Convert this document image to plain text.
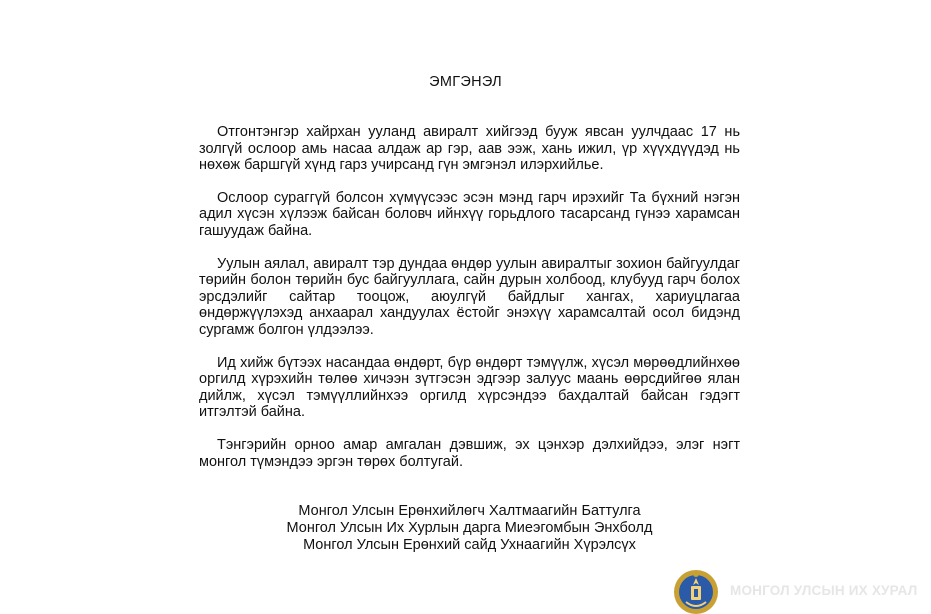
ЭМГЭНЭЛ

Отгонтэнгэр хайрхан ууланд авиралт хийгээд бууж явсан уулчдаас 17 нь золгүй ослоор амь насаа алдаж ар гэр, аав ээж, хань ижил, үр хүүхдүүдэд нь нөхөж баршгүй хүнд гарз учирсанд гүн эмгэнэл илэрхийлье.

Ослоор сураггүй болсон хүмүүсээс эсэн мэнд гарч ирэхийг Та бүхний нэгэн адил хүсэн хүлээж байсан боловч ийнхүү горьдлого тасарсанд гүнээ харамсан гашуудаж байна.

Уулын аялал, авиралт тэр дундаа өндөр уулын авиралтыг зохион байгуулдаг төрийн болон төрийн бус байгууллага, сайн дурын холбоод, клубууд гарч болох эрсдэлийг сайтар тооцож, аюулгүй байдлыг хангах, хариуцлагаа өндөржүүлэхэд анхаарал хандуулах ёстойг энэхүү харамсалтай осол бидэнд сургамж болгон үлдээлээ.

Ид хийж бүтээх насандаа өндөрт, бүр өндөрт тэмүүлж, хүсэл мөрөөдлийнхөө оргилд хүрэхийн төлөө хичээн зүтгэсэн эдгээр залуус маань өөрсдийгөө ялан дийлж, хүсэл тэмүүллийнхээ оргилд хүрсэндээ бахдалтай байсан гэдэгт итгэлтэй байна.

Тэнгэрийн орноо амар амгалан дэвшиж, эх цэнхэр дэлхийдээ, элэг нэгт монгол түмэндээ эргэн төрөх болтугай.

Монгол Улсын Ерөнхийлөгч Халтмаагийн Баттулга
Монгол Улсын Их Хурлын дарга Миеэгомбын Энхболд
Монгол Улсын Ерөнхий сайд Ухнаагийн Хүрэлсүх
МОНГОЛ УЛСЫН ИХ ХУРАЛ
